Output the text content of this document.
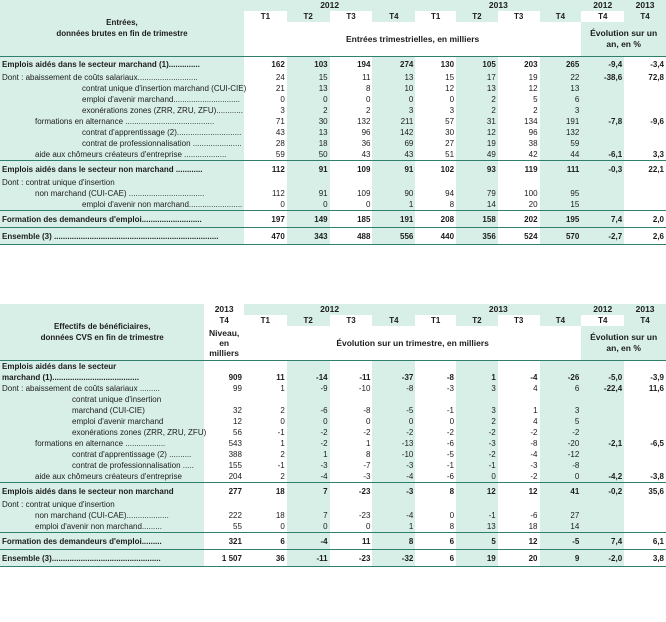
Entrées,
données brutes en fin de trimestre	2012				2013				2012	2013
	T1	T2	T3	T4	T1	T2	T3	T4	T4	T4
	Entrées trimestrielles, en milliers								Évolution sur un an, en %	
Emplois aidés dans le secteur marchand (1)..............	162	103	194	274	130	105	203	265	-9,4	-3,4
Dont : abaissement de coûts salariaux...........................	24	15	11	13	15	17	19	22	-38,6	72,8
contrat unique d'insertion marchand (CUI-CIE)	21	13	8	10	12	13	12	13		
emploi d'avenir marchand..............................	0	0	0	0	0	2	5	6		
exonérations zones (ZRR, ZRU, ZFU)............	3	2	2	3	3	2	2	3		
formations en alternance ........................................	71	30	132	211	57	31	134	191	-7,8	-9,6
contrat d'apprentissage (2).............................	43	13	96	142	30	12	96	132		
contrat de professionnalisation ......................	28	18	36	69	27	19	38	59		
aide aux chômeurs créateurs d'entreprise ...................	59	50	43	43	51	49	42	44	-6,1	3,3
Emplois aidés dans le secteur non marchand ............	112	91	109	91	102	93	119	111	-0,3	22,1
Dont : contrat unique d'insertion										
non marchand (CUI-CAE) ..................................	112	91	109	90	94	79	100	95		
emploi d'avenir non marchand........................	0	0	0	1	8	14	20	15		
Formation des demandeurs d'emploi...........................	197	149	185	191	208	158	202	195	7,4	2,0
Ensemble (3) ..........................................................................	470	343	488	556	440	356	524	570	-2,7	2,6
Effectifs de bénéficiaires,
données CVS en fin de trimestre	2013	2012				2013				2012	2013
	T4	T1	T2	T3	T4	T1	T2	T3	T4	T4	T4
	Niveau, en milliers	Évolution sur un trimestre, en milliers								Évolution sur un an, en %	
Emplois aidés dans le secteur											
marchand (1).......................................	909	11	-14	-11	-37	-8	1	-4	-26	-5,0	-3,9
Dont : abaissement de coûts salariaux .........	99	1	-9	-10	-8	-3	3	4	6	-22,4	11,6
contrat unique d'insertion											
marchand (CUI-CIE)	32	2	-6	-8	-5	-1	3	1	3		
emploi d'avenir marchand	12	0	0	0	0	0	2	4	5		
exonérations zones (ZRR, ZRU, ZFU)	56	-1	-2	-2	-2	-2	-2	-2	-2		
formations en alternance ..................	543	1	-2	1	-13	-6	-3	-8	-20	-2,1	-6,5
contrat d'apprentissage (2) ..........	388	2	1	8	-10	-5	-2	-4	-12		
contrat de professionnalisation .....	155	-1	-3	-7	-3	-1	-1	-3	-8		
aide aux chômeurs créateurs d'entreprise	204	2	-4	-3	-4	-6	0	-2	0	-4,2	-3,8
Emplois aidés dans le secteur non marchand	277	18	7	-23	-3	8	12	12	41	-0,2	35,6
Dont : contrat unique d'insertion											
non marchand (CUI-CAE)...................	222	18	7	-23	-4	0	-1	-6	27		
emploi d'avenir non marchand.........	55	0	0	0	1	8	13	18	14		
Formation des demandeurs d'emploi.........	321	6	-4	11	8	6	5	12	-5	7,4	6,1
Ensemble (3).................................................	1 507	36	-11	-23	-32	6	19	20	9	-2,0	3,8
